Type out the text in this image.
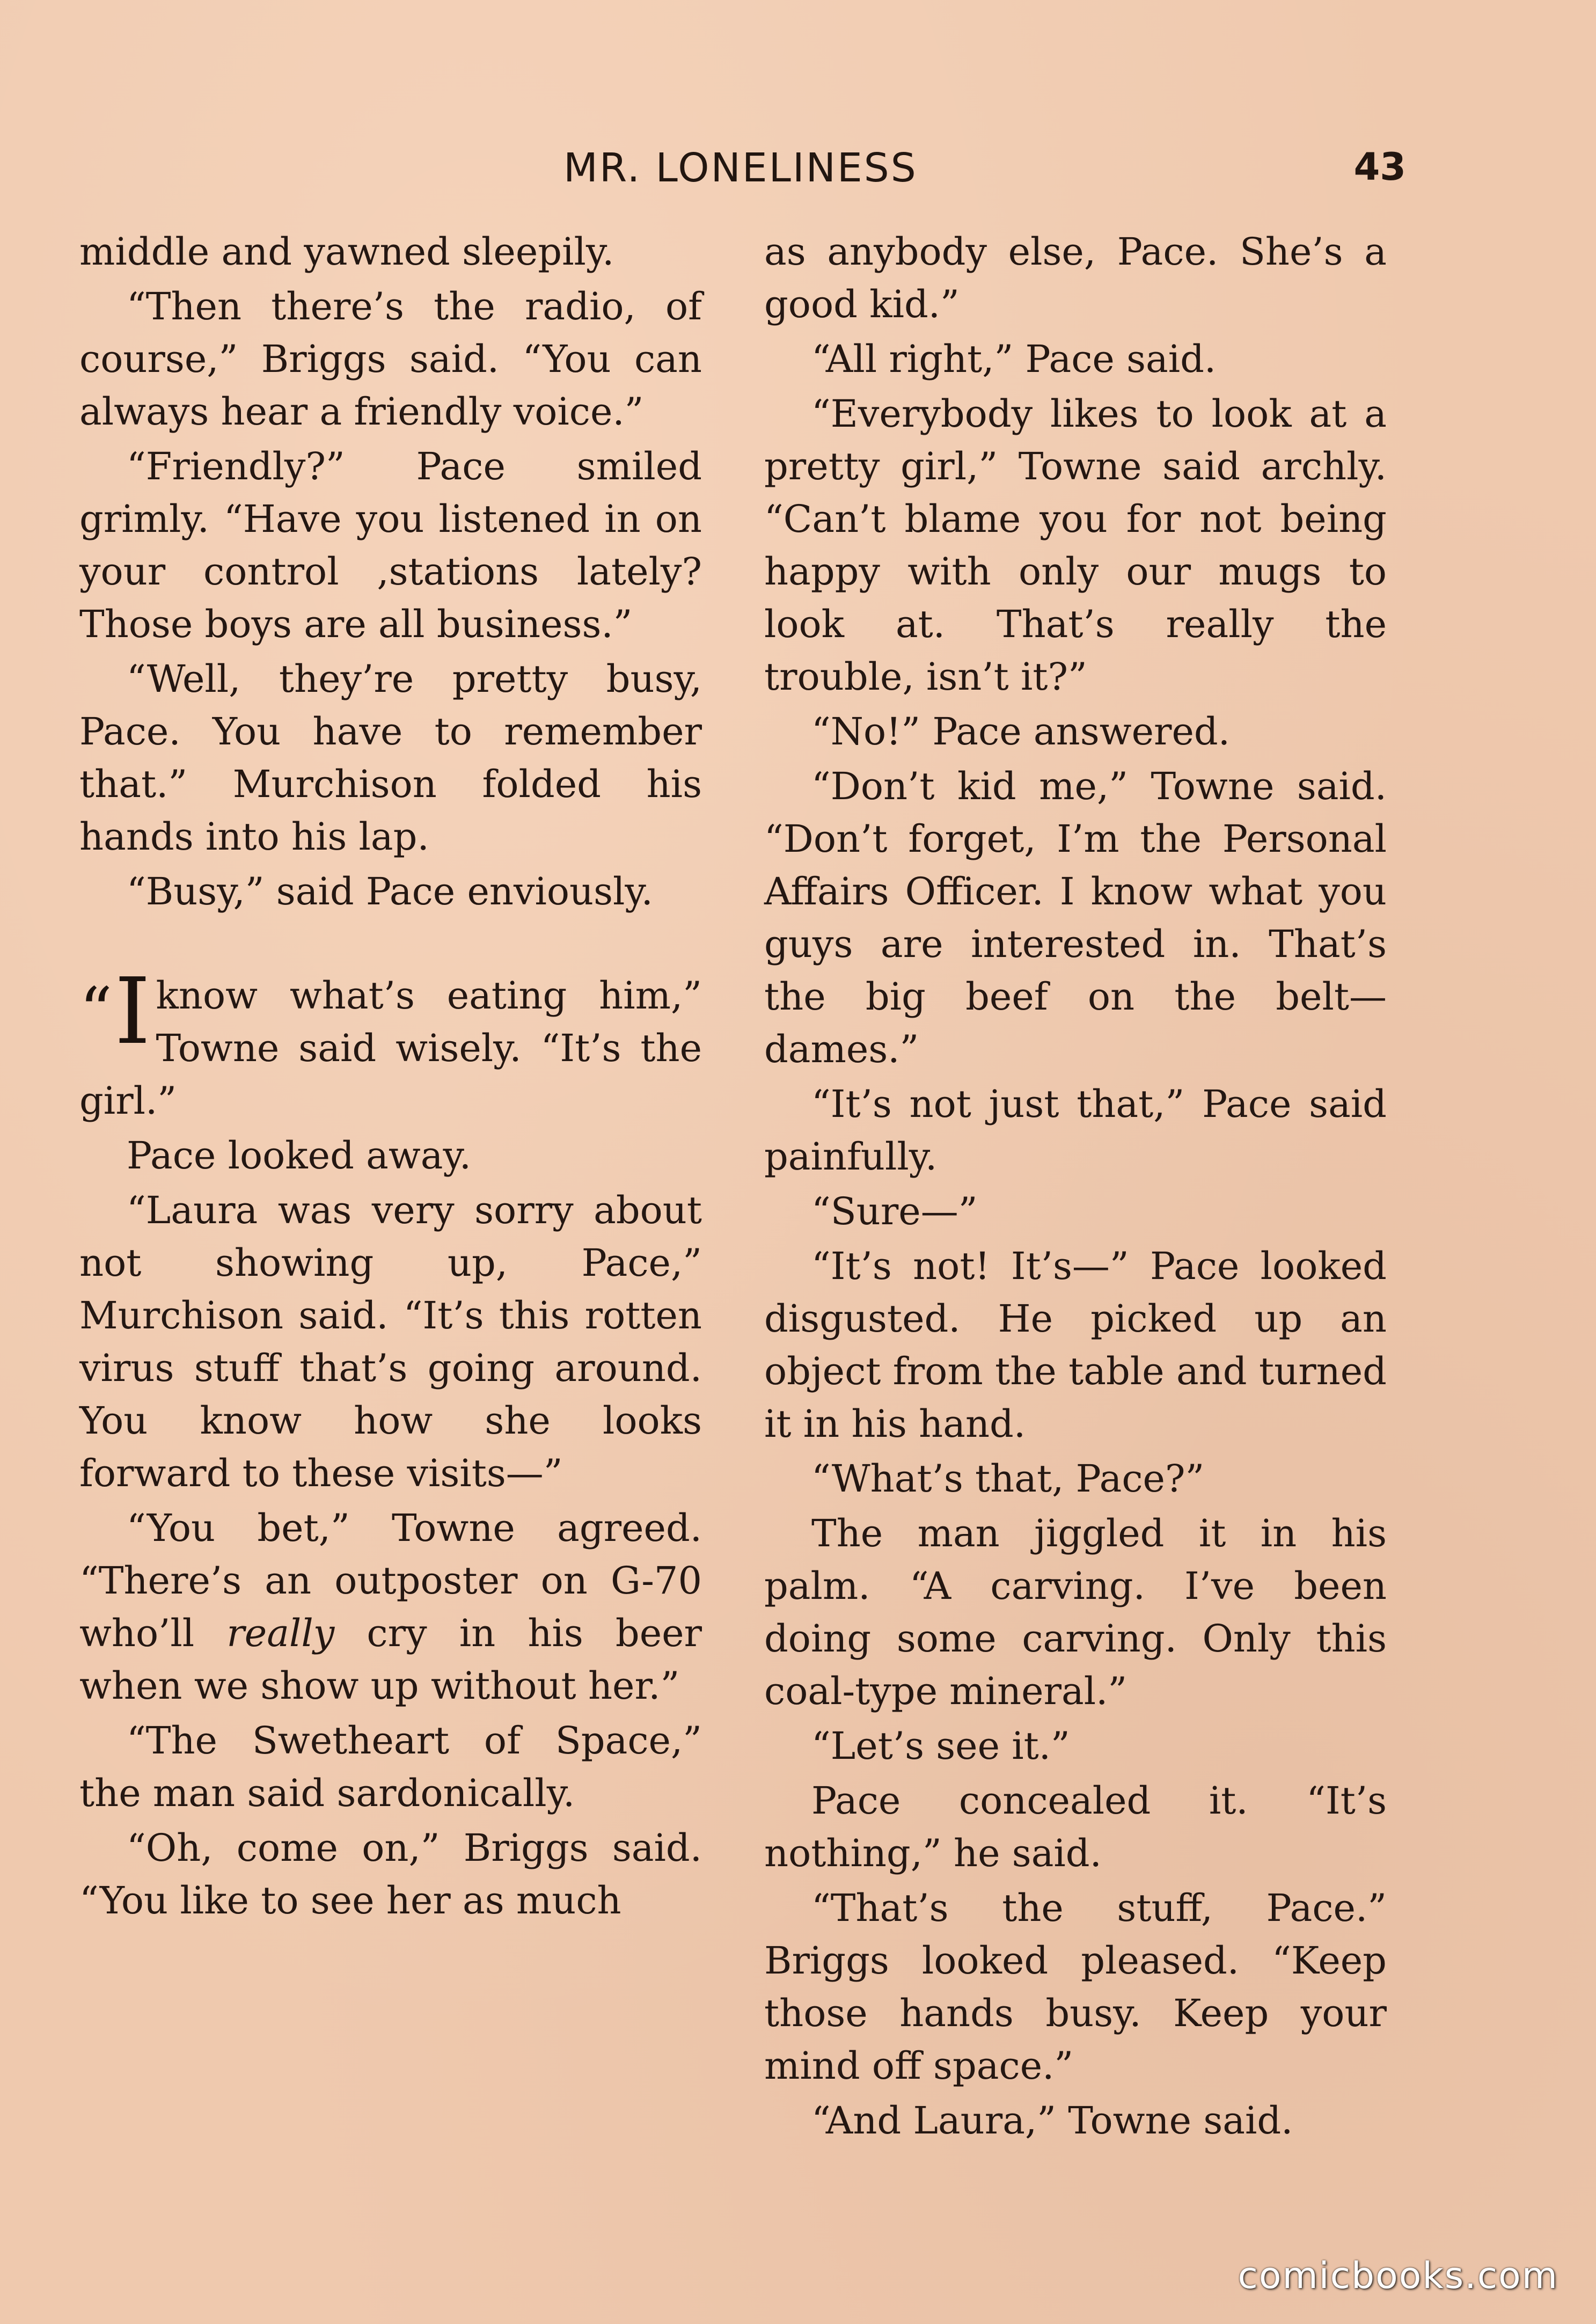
MR. LONELINESS	43

middle and yawned sleepily.

“Then there’s the radio, of course,” Briggs said. “You can always hear a friendly voice.”

“Friendly?” Pace smiled grimly. “Have you listened in on your control ,stations lately? Those boys are all business.”

“Well, they’re pretty busy, Pace. You have to remember that.” Murchison folded his hands into his lap.

“Busy,” said Pace enviously.

“I know what’s eating him,” Towne said wisely. “It’s the girl.”

Pace looked away.

“Laura was very sorry about not showing up, Pace,” Murchison said. “It’s this rotten virus stuff that’s going around. You know how she looks forward to these visits—”

“You bet,” Towne agreed. “There’s an outposter on G-70 who’ll really cry in his beer when we show up without her.”

“The Swetheart of Space,” the man said sardonically.

“Oh, come on,” Briggs said. “You like to see her as much

as anybody else, Pace. She’s a good kid.”

“All right,” Pace said.

“Everybody likes to look at a pretty girl,” Towne said archly. “Can’t blame you for not being happy with only our mugs to look at. That’s really the trouble, isn’t it?”

“No!” Pace answered.

“Don’t kid me,” Towne said. “Don’t forget, I’m the Personal Affairs Officer. I know what you guys are interested in. That’s the big beef on the belt—dames.”

“It’s not just that,” Pace said painfully.

“Sure—”

“It’s not! It’s—” Pace looked disgusted. He picked up an object from the table and turned it in his hand.

“What’s that, Pace?”

The man jiggled it in his palm. “A carving. I’ve been doing some carving. Only this coal-type mineral.”

“Let’s see it.”

Pace concealed it. “It’s nothing,” he said.

“That’s the stuff, Pace.” Briggs looked pleased. “Keep those hands busy. Keep your mind off space.”

“And Laura,” Towne said.

comicbooks.com
